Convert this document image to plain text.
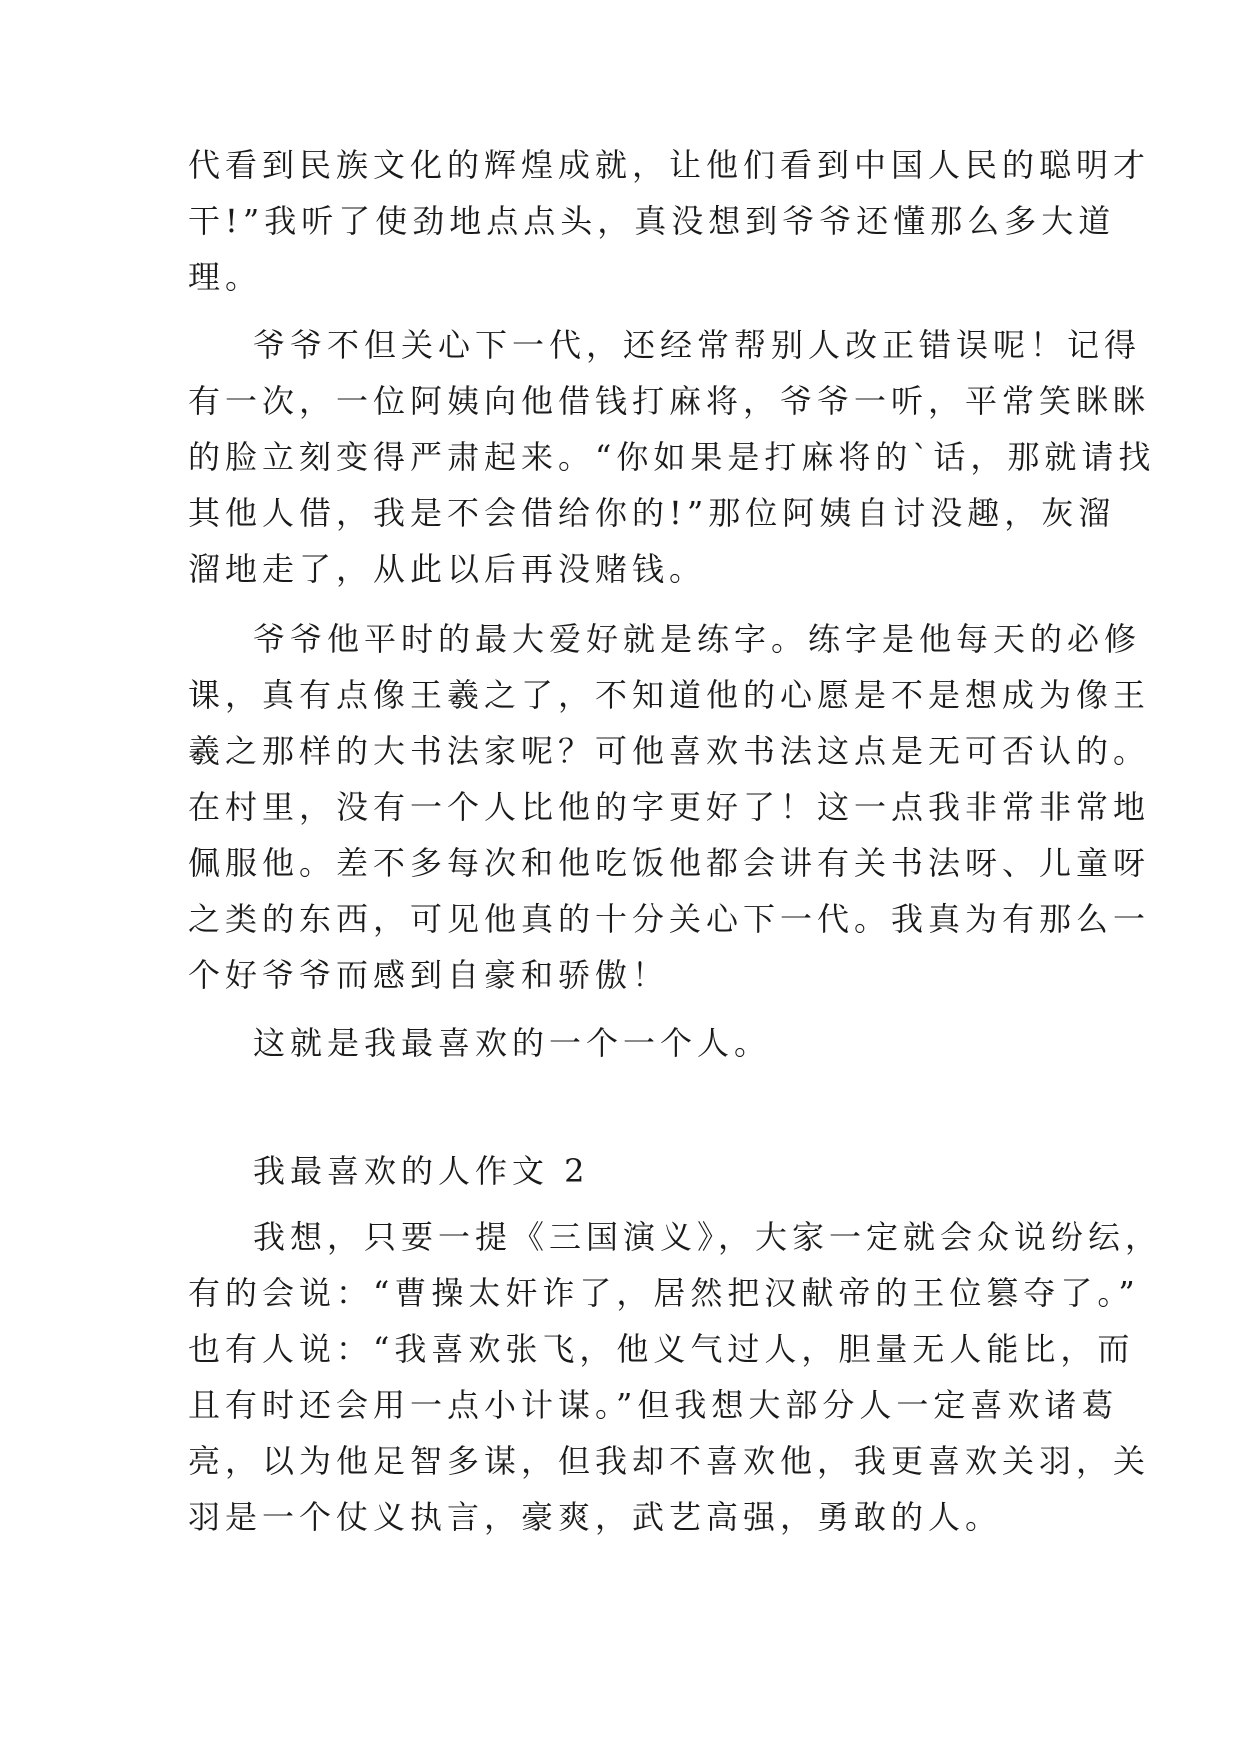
代看到民族文化的辉煌成就，让他们看到中国人民的聪明才
干!”我听了使劲地点点头，真没想到爷爷还懂那么多大道
理。
爷爷不但关心下一代，还经常帮别人改正错误呢！记得
有一次，一位阿姨向他借钱打麻将，爷爷一听，平常笑眯眯
的脸立刻变得严肃起来。“你如果是打麻将的`话，那就请找
其他人借，我是不会借给你的!”那位阿姨自讨没趣，灰溜
溜地走了，从此以后再没赌钱。
爷爷他平时的最大爱好就是练字。练字是他每天的必修
课，真有点像王羲之了，不知道他的心愿是不是想成为像王
羲之那样的大书法家呢？可他喜欢书法这点是无可否认的。
在村里，没有一个人比他的字更好了！这一点我非常非常地
佩服他。差不多每次和他吃饭他都会讲有关书法呀、儿童呀
之类的东西，可见他真的十分关心下一代。我真为有那么一
个好爷爷而感到自豪和骄傲！
这就是我最喜欢的一个一个人。
我最喜欢的人作文 2
我想，只要一提《三国演义》，大家一定就会众说纷纭，
有的会说：“曹操太奸诈了，居然把汉献帝的王位篡夺了。”
也有人说：“我喜欢张飞，他义气过人，胆量无人能比，而
且有时还会用一点小计谋。”但我想大部分人一定喜欢诸葛
亮，以为他足智多谋，但我却不喜欢他，我更喜欢关羽，关
羽是一个仗义执言，豪爽，武艺高强，勇敢的人。
